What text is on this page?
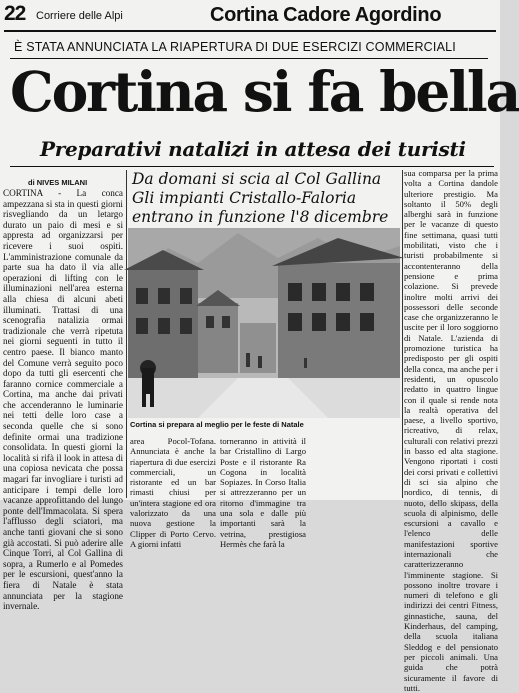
22 Corriere delle Alpi	Cortina Cadore Agordino
È STATA ANNUNCIATA LA RIAPERTURA DI DUE ESERCIZI COMMERCIALI
Cortina si fa bella
Preparativi natalizi in attesa dei turisti
di NIVES MILANI
CORTINA - La conca ampezzana si sta in questi giorni risvegliando da un letargo durato un paio di mesi e si appresta ad organizzarsi per ricevere i suoi ospiti. L'amministrazione comunale da parte sua ha dato il via alle operazioni di lifting con le illuminazioni nell'area esterna alla chiesa di alcuni abeti illuminati. Trattasi di una scenografia natalizia ormai tradizionale che verrà ripetuta nei giorni seguenti in tutto il centro paese. Il bianco manto del Comune verrà seguito poco dopo da tutti gli esercenti che faranno cornice commerciale a Cortina, ma anche dai privati che accenderanno le luminarie nei tetti delle loro case a seconda quelle che si sono definite ormai una tradizione consolidata. In questi giorni la località si rifà il look in attesa di una copiosa nevicata che possa magari far invogliare i turisti ad anticipare i tempi delle loro vacanze approfittando del lungo ponte dell'Immacolata. Si spera l'afflusso degli sciatori, ma anche tanti giovani che si sono già accostati. Si può aderire alle Cinque Torri, al Col Gallina di sopra, a Rumerlo e al Pomedes per le escursioni, quest'anno la fiera di Natale è stata annunciata per la stagione invernale.
Da domani si scia al Col Gallina
Gli impianti Cristallo-Faloria
entrano in funzione l'8 dicembre
Cortina si prepara al meglio per le feste di Natale
area Pocol-Tofana. Annunciata è anche la riapertura di due esercizi commerciali, un ristorante ed un bar rimasti chiusi per un'intera stagione ed ora valorizzato da una nuova gestione la Clipper di Porto Cervo. A giorni infatti
torneranno in attività il bar Cristallino di Largo Poste e il ristorante Ra Cogona in località Sopiazes. In Corso Italia si attrezzeranno per un ritorno d'immagine tra una sola e dalle più importanti sarà la vetrina, prestigiosa Hermès che farà la
sua comparsa per la prima volta a Cortina dandole ulteriore prestigio. Ma soltanto il 50% degli alberghi sarà in funzione per le vacanze di questo fine settimana, quasi tutti mobilitati, visto che i turisti probabilmente si accontenteranno della pensione e prima colazione. Si prevede inoltre molti arrivi dei possessori delle seconde case che organizzeranno le uscite per il loro soggiorno di Natale. L'azienda di promozione turistica ha predisposto per gli ospiti della conca, ma anche per i residenti, un opuscolo redatto in quattro lingue con il quale si rende nota la realtà operativa del paese, a livello sportivo, ricreativo, di relax, culturali con relativi prezzi in basso ed alta stagione. Vengono riportati i costi dei corsi privati e collettivi di sci sia alpino che nordico, di tennis, di nuoto, dello skipass, della scuola di alpinismo, delle escursioni a cavallo e l'elenco delle manifestazioni sportive internazionali che caratterizzeranno l'imminente stagione. Si possono inoltre trovare i numeri di telefono e gli indirizzi dei centri Fitness, ginnastiche, sauna, del Kinderhaus, del camping, della scuola italiana Sleddog e del pensionato per piccoli animali. Una guida che potrà sicuramente il favore di tutti.
